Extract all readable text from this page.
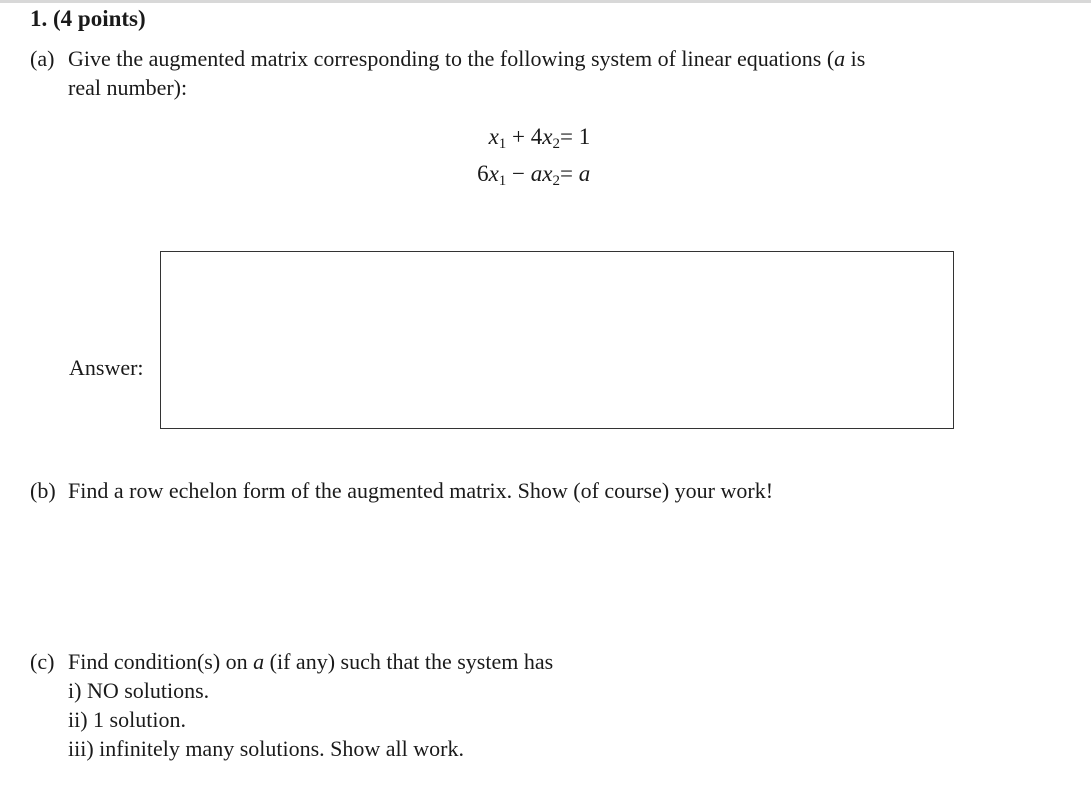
1. (4 points)
(a) Give the augmented matrix corresponding to the following system of linear equations (a is
real number):
$x_1 + 4x_2 = 1$
$6x_1 - ax_2 = a$
Answer:
(b) Find a row echelon form of the augmented matrix. Show (of course) your work!
(c) Find condition(s) on a (if any) such that the system has
i) NO solutions.
ii) 1 solution.
iii) infinitely many solutions. Show all work.
